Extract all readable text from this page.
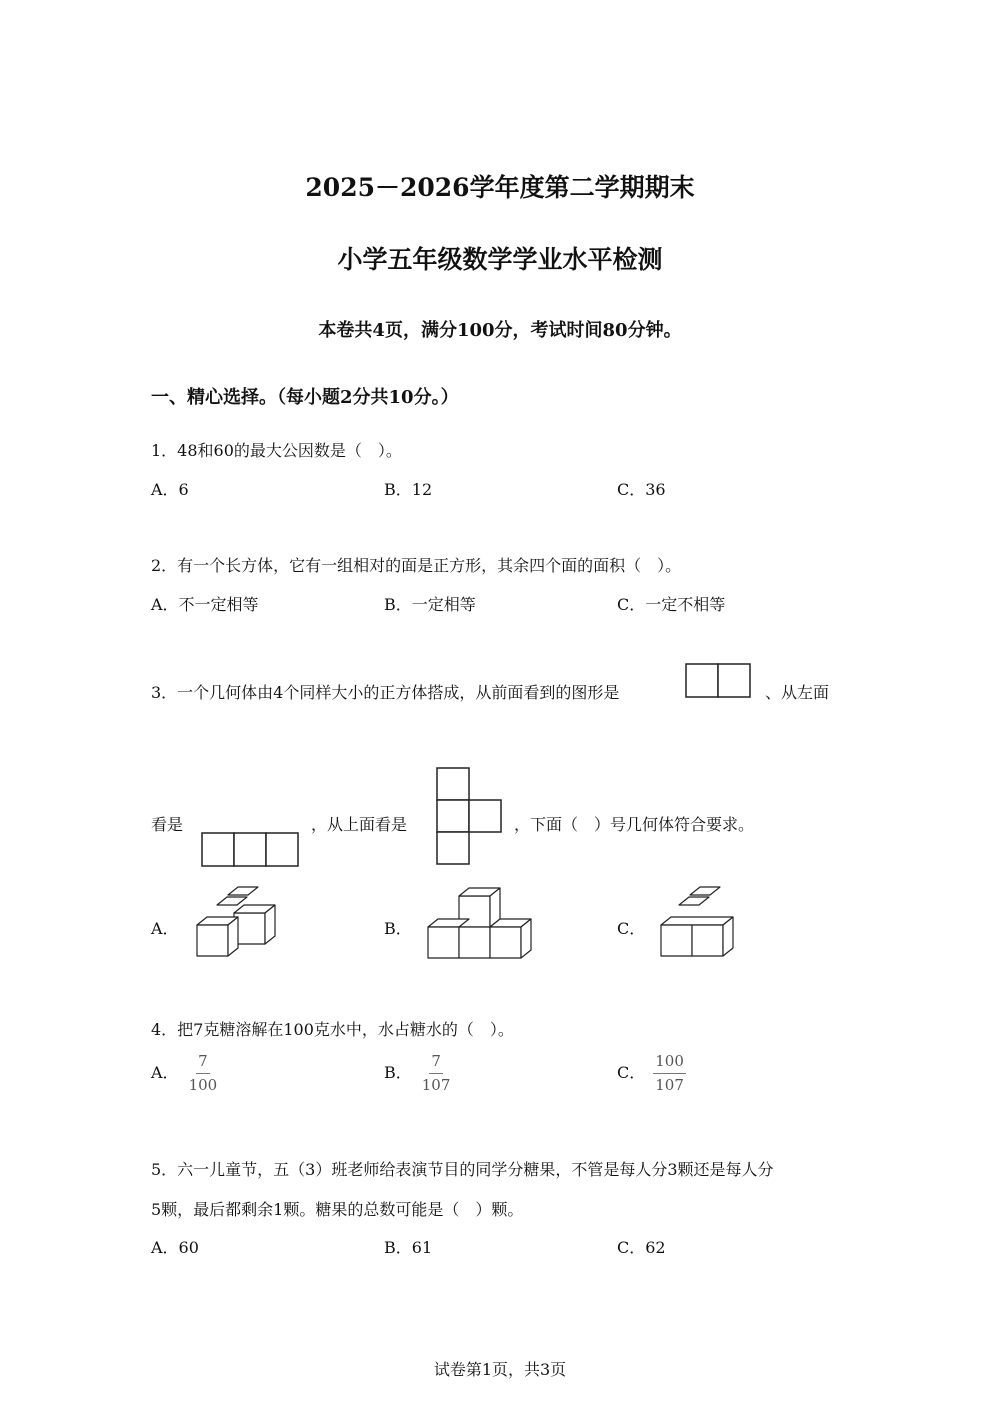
2025－2026学年度第二学期期末
小学五年级数学学业水平检测
本卷共4页，满分100分，考试时间80分钟。
一、精心选择。（每小题2分共10分。）
1．48和60的最大公因数是（　）。
A．6	B．12	C．36
2．有一个长方体，它有一组相对的面是正方形，其余四个面的面积（　）。
A．不一定相等	B．一定相等	C．一定不相等
3．一个几何体由4个同样大小的正方体搭成，从前面看到的图形是	、从左面
看是	，从上面看是	，下面（　）号几何体符合要求。
A．	B．	C．
4．把7克糖溶解在100克水中，水占糖水的（　）。
A． $\frac{7}{100}$	B． $\frac{7}{107}$	C． $\frac{100}{107}$
5．六一儿童节，五（3）班老师给表演节目的同学分糖果，不管是每人分3颗还是每人分
5颗，最后都剩余1颗。糖果的总数可能是（　）颗。
A．60	B．61	C．62
试卷第1页，共3页
